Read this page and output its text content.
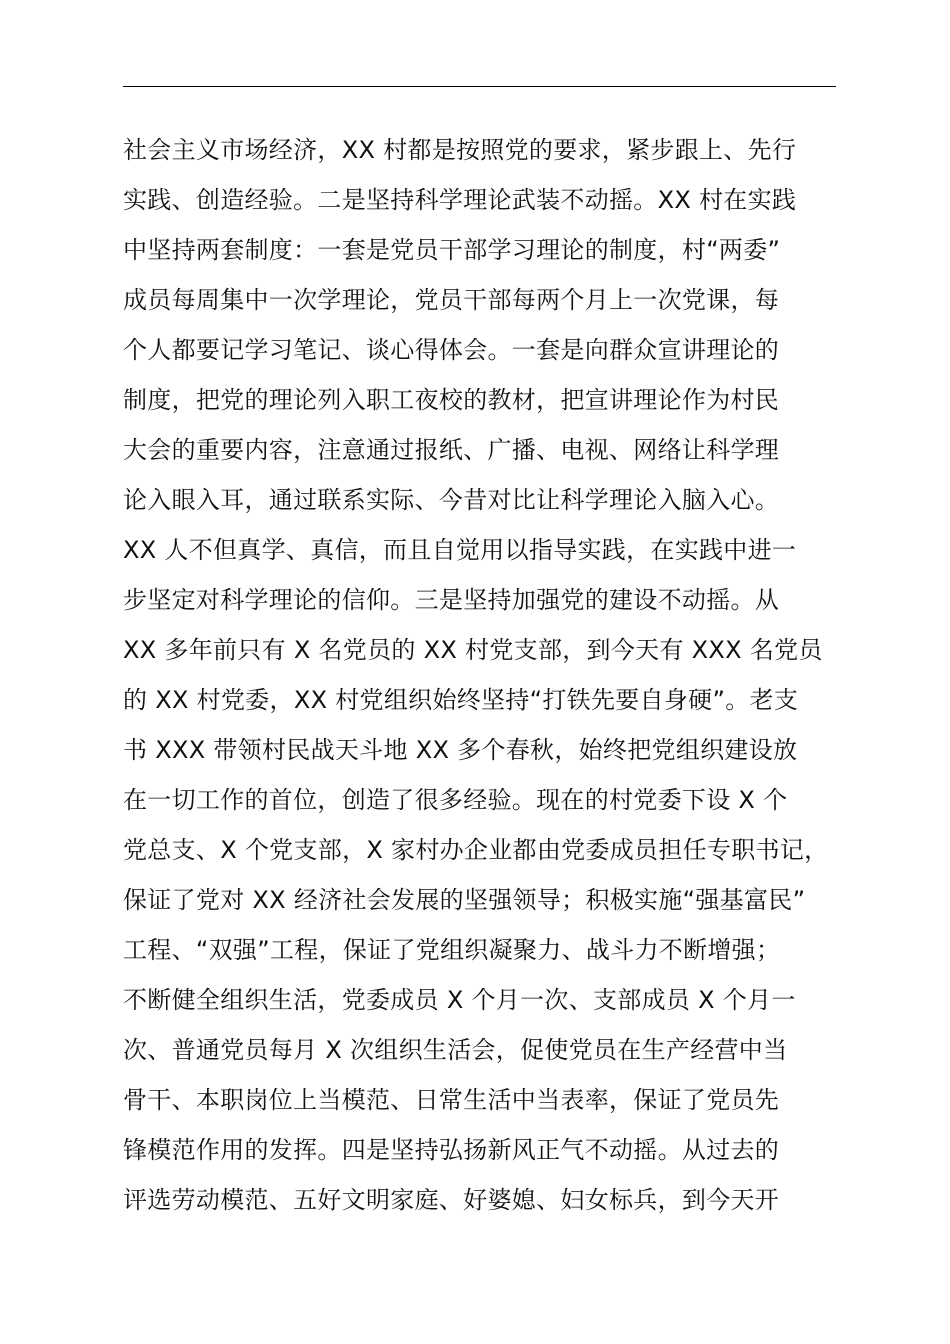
社会主义市场经济，XX 村都是按照党的要求，紧步跟上、先行
实践、创造经验。二是坚持科学理论武装不动摇。XX 村在实践
中坚持两套制度：一套是党员干部学习理论的制度，村“两委”
成员每周集中一次学理论，党员干部每两个月上一次党课，每
个人都要记学习笔记、谈心得体会。一套是向群众宣讲理论的
制度，把党的理论列入职工夜校的教材，把宣讲理论作为村民
大会的重要内容，注意通过报纸、广播、电视、网络让科学理
论入眼入耳，通过联系实际、今昔对比让科学理论入脑入心。
XX 人不但真学、真信，而且自觉用以指导实践，在实践中进一
步坚定对科学理论的信仰。三是坚持加强党的建设不动摇。从
XX 多年前只有 X 名党员的 XX 村党支部，到今天有 XXX 名党员
的 XX 村党委，XX 村党组织始终坚持“打铁先要自身硬”。老支
书 XXX 带领村民战天斗地 XX 多个春秋，始终把党组织建设放
在一切工作的首位，创造了很多经验。现在的村党委下设 X 个
党总支、X 个党支部，X 家村办企业都由党委成员担任专职书记，
保证了党对 XX 经济社会发展的坚强领导；积极实施“强基富民”
工程、“双强”工程，保证了党组织凝聚力、战斗力不断增强；
不断健全组织生活，党委成员 X 个月一次、支部成员 X 个月一
次、普通党员每月 X 次组织生活会，促使党员在生产经营中当
骨干、本职岗位上当模范、日常生活中当表率，保证了党员先
锋模范作用的发挥。四是坚持弘扬新风正气不动摇。从过去的
评选劳动模范、五好文明家庭、好婆媳、妇女标兵，到今天开
